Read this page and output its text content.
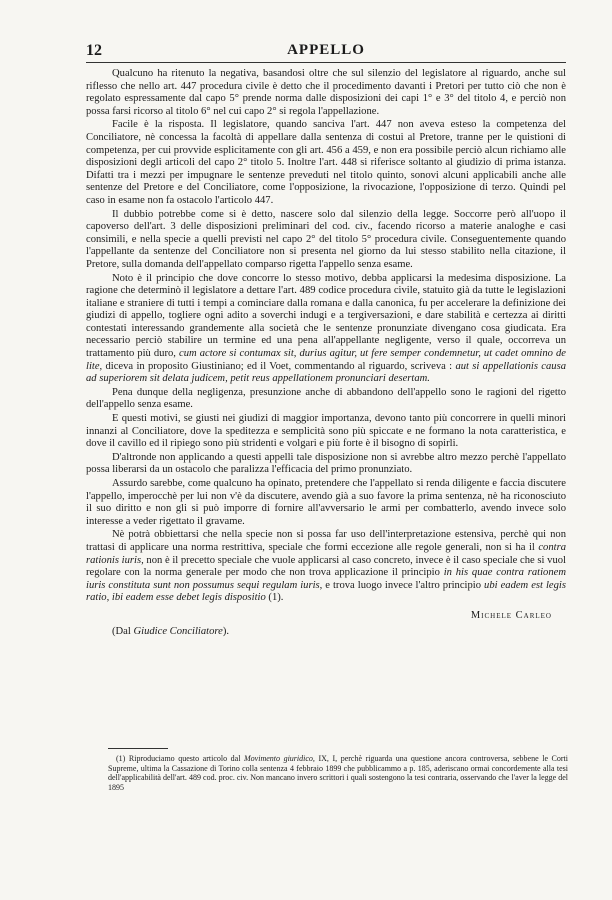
12	APPELLO

Qualcuno ha ritenuto la negativa, basandosi oltre che sul silenzio del legislatore al riguardo, anche sul riflesso che nello art. 447 procedura civile è detto che il procedimento davanti i Pretori per tutto ciò che non è regolato espressamente dal capo 5° prende norma dalle disposizioni dei capi 1° e 3° del titolo 4, e perciò non possa farsi ricorso al titolo 6° nel cui capo 2° si regola l'appellazione.

Facile è la risposta. Il legislatore, quando sanciva l'art. 447 non aveva esteso la competenza del Conciliatore, nè concessa la facoltà di appellare dalla sentenza di costui al Pretore, tranne per le quistioni di competenza, per cui provvide esplicitamente con gli art. 456 a 459, e non era possibile perciò alcun richiamo alle disposizioni degli articoli del capo 2° titolo 5. Inoltre l'art. 448 si riferisce soltanto al giudizio di prima istanza. Difatti tra i mezzi per impugnare le sentenze preveduti nel titolo quinto, sonovi alcuni applicabili anche alle sentenze del Pretore e del Conciliatore, come l'opposizione, la rivocazione, l'opposizione di terzo. Quindi pel caso in esame non fa ostacolo l'articolo 447.

Il dubbio potrebbe come si è detto, nascere solo dal silenzio della legge. Soccorre però all'uopo il capoverso dell'art. 3 delle disposizioni preliminari del cod. civ., facendo ricorso a materie analoghe e casi consimili, e nella specie a quelli previsti nel capo 2° del titolo 5° procedura civile. Conseguentemente quando l'appellante da sentenze del Conciliatore non si presenta nel giorno da lui stesso stabilito nella citazione, il Pretore, sulla domanda dell'appellato comparso rigetta l'appello senza esame.

Noto è il principio che dove concorre lo stesso motivo, debba applicarsi la medesima disposizione. La ragione che determinò il legislatore a dettare l'art. 489 codice procedura civile, statuito già da tutte le legislazioni italiane e straniere di tutti i tempi a cominciare dalla romana e dalla canonica, fu per accelerare la definizione dei giudizi di appello, togliere ogni adito a soverchi indugi e a tergiversazioni, e dare stabilità e certezza ai diritti contestati interessando grandemente alla società che le sentenze pronunziate divengano cosa giudicata. Era necessario perciò stabilire un termine ed una pena all'appellante negligente, verso il quale, occorreva un trattamento più duro, cum actore si contumax sit, durius agitur, ut fere semper condemnetur, ut cadet omnino de lite, diceva in proposito Giustiniano; ed il Voet, commentando al riguardo, scriveva : aut si appellationis causa ad superiorem sit delata judicem, petit reus appellationem pronunciari desertam.

Pena dunque della negligenza, presunzione anche di abbandono dell'appello sono le ragioni del rigetto dell'appello senza esame.

E questi motivi, se giusti nei giudizi di maggior importanza, devono tanto più concorrere in quelli minori innanzi al Conciliatore, dove la speditezza e semplicità sono più spiccate e ne formano la nota caratteristica, e dove il cavillo ed il ripiego sono più stridenti e volgari e più forte è il bisogno di sopirli.

D'altronde non applicando a questi appelli tale disposizione non si avrebbe altro mezzo perchè l'appellato possa liberarsi da un ostacolo che paralizza l'efficacia del primo pronunziato.

Assurdo sarebbe, come qualcuno ha opinato, pretendere che l'appellato si renda diligente e faccia discutere l'appello, imperocchè per lui non v'è da discutere, avendo già a suo favore la prima sentenza, nè ha riconosciuto il suo diritto e non gli si può imporre di fornire all'avversario le armi per combatterlo, avendo invece solo interesse a veder rigettato il gravame.

Nè potrà obbiettarsi che nella specie non si possa far uso dell'interpretazione estensiva, perchè qui non trattasi di applicare una norma restrittiva, speciale che formi eccezione alle regole generali, non si ha il contra rationis iuris, non è il precetto speciale che vuole applicarsi al caso concreto, invece è il caso speciale che si vuol regolare con la norma generale per modo che non trova applicazione il principio in his quae contra rationem iuris constituta sunt non possumus sequi regulam iuris, e trova luogo invece l'altro principio ubi eadem est legis ratio, ibi eadem esse debet legis dispositio (1).

Michele Carleo
(Dal Giudice Conciliatore).

(1) Riproduciamo questo articolo dal Movimento giuridico, IX, I, perchè riguarda una questione ancora controversa, sebbene le Corti Supreme, ultima la Cassazione di Torino colla sentenza 4 febbraio 1899 che pubblicammo a p. 185, aderiscano ormai concordemente alla tesi dell'applicabilità dell'art. 489 cod. proc. civ. Non mancano invero scrittori i quali sostengono la tesi contraria, osservando che l'aver la legge del 1895
